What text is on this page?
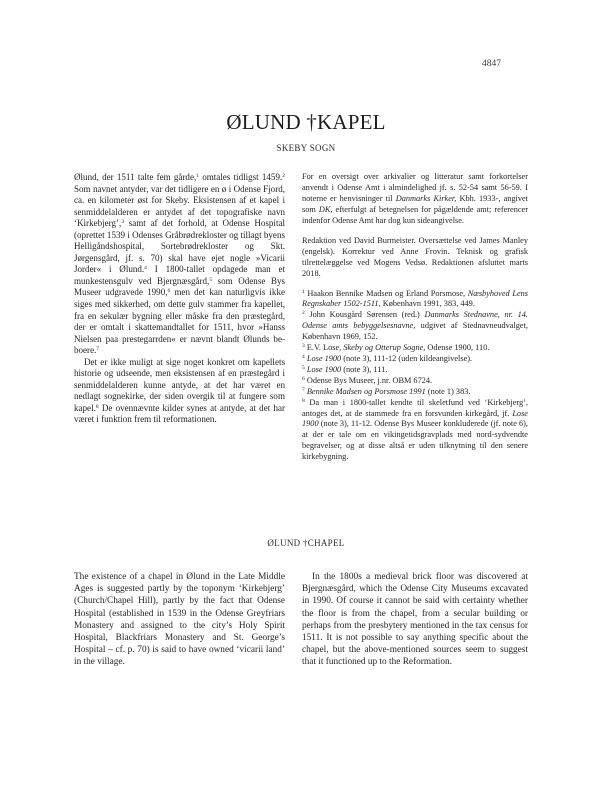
4847
ØLUND †KAPEL
SKEBY SOGN

Ølund, der 1511 talte fem gårde,$^1$ omtales tidligst 1459.$^2$ Som navnet antyder, var det tidligere en ø i Odense Fjord, ca. en kilometer øst for Skeby. Eksistensen af et kapel i senmiddelalderen er antydet af det topografiske navn ‘Kirkebjerg’,$^3$ samt af det forhold, at Odense Hospital (oprettet 1539 i Odenses Gråbrødrekloster og tillagt byens Helligåndshospital, Sortebrødrekloster og Skt. Jørgensgård, jf. s. 70) skal have ejet nogle »Vicarii Jorder« i Ølund.$^4$ I 1800-tallet opdagede man et munkestensgulv ved Bjergnæsgård,$^5$ som Odense Bys Museer udgravede 1990,$^6$ men det kan naturligvis ikke siges med sikkerhed, om dette gulv stammer fra kapellet, fra en sekulær bygning eller måske fra den præstegård, der er omtalt i skattemandtallet for 1511, hvor »Hanss Nielsen paa prestegarrden« er nævnt blandt Ølunds beboere.$^7$

Det er ikke muligt at sige noget konkret om kapellets historie og udseende, men eksistensen af en præstegård i senmiddelalderen kunne antyde, at det har været en nedlagt sognekirke, der siden overgik til at fungere som kapel.$^8$ De ovennævnte kilder synes at antyde, at det har været i funktion frem til reformationen.

For en oversigt over arkivalier og litteratur samt forkortelser anvendt i Odense Amt i almindelighed jf. s. 52-54 samt 56-59. I noterne er henvisninger til Danmarks Kirker, Kbh. 1933-, angivet som DK, efterfulgt af betegnelsen for pågældende amt; referencer indenfor Odense Amt har dog kun sideangivelse.

Redaktion ved David Burmeister. Oversættelse ved James Manley (engelsk). Korrektur ved Anne Frovin. Teknisk og grafisk tilrettelæggelse ved Mogens Vedsø. Redaktionen afsluttet marts 2018.

$^1$ Haakon Bennike Madsen og Erland Porsmose, Næsbyhoved Lens Regnskaber 1502-1511, København 1991, 383, 449.

$^2$ John Kousgård Sørensen (red.) Danmarks Stednavne, nr. 14. Odense amts bebyggelsesnavne, udgivet af Stednavneudvalget, København 1969, 152.

$^3$ E.V. Lose, Skeby og Otterup Sogne, Odense 1900, 110.

$^4$ Lose 1900 (note 3), 111-12 (uden kildeangivelse).

$^5$ Lose 1900 (note 3), 111.

$^6$ Odense Bys Museer, j.nr. OBM 6724.

$^7$ Bennike Madsen og Porsmose 1991 (note 1) 383.

$^8$ Da man i 1800-tallet kendte til skeletfund ved ‘Kirkebjerg’, antoges det, at de stammede fra en forsvunden kirkegård, jf. Lose 1900 (note 3), 11-12. Odense Bys Museer konkluderede (jf. note 6), at der er tale om en vikingetidsgravplads med nord-sydvendte begravelser, og at disse altså er uden tilknytning til den senere kirkebygning.

ØLUND †CHAPEL

The existence of a chapel in Ølund in the Late Middle Ages is suggested partly by the toponym ‘Kirkebjerg’ (Church/Chapel Hill), partly by the fact that Odense Hospital (established in 1539 in the Odense Greyfriars Monastery and assigned to the city’s Holy Spirit Hospital, Blackfriars Monastery and St. George’s Hospital – cf. p. 70) is said to have owned ‘vicarii land’ in the village.

In the 1800s a medieval brick floor was discovered at Bjergnæsgård, which the Odense City Museums excavated in 1990. Of course it cannot be said with certainty whether the floor is from the chapel, from a secular building or perhaps from the presbytery mentioned in the tax census for 1511. It is not possible to say anything specific about the chapel, but the above-mentioned sources seem to suggest that it functioned up to the Reformation.
